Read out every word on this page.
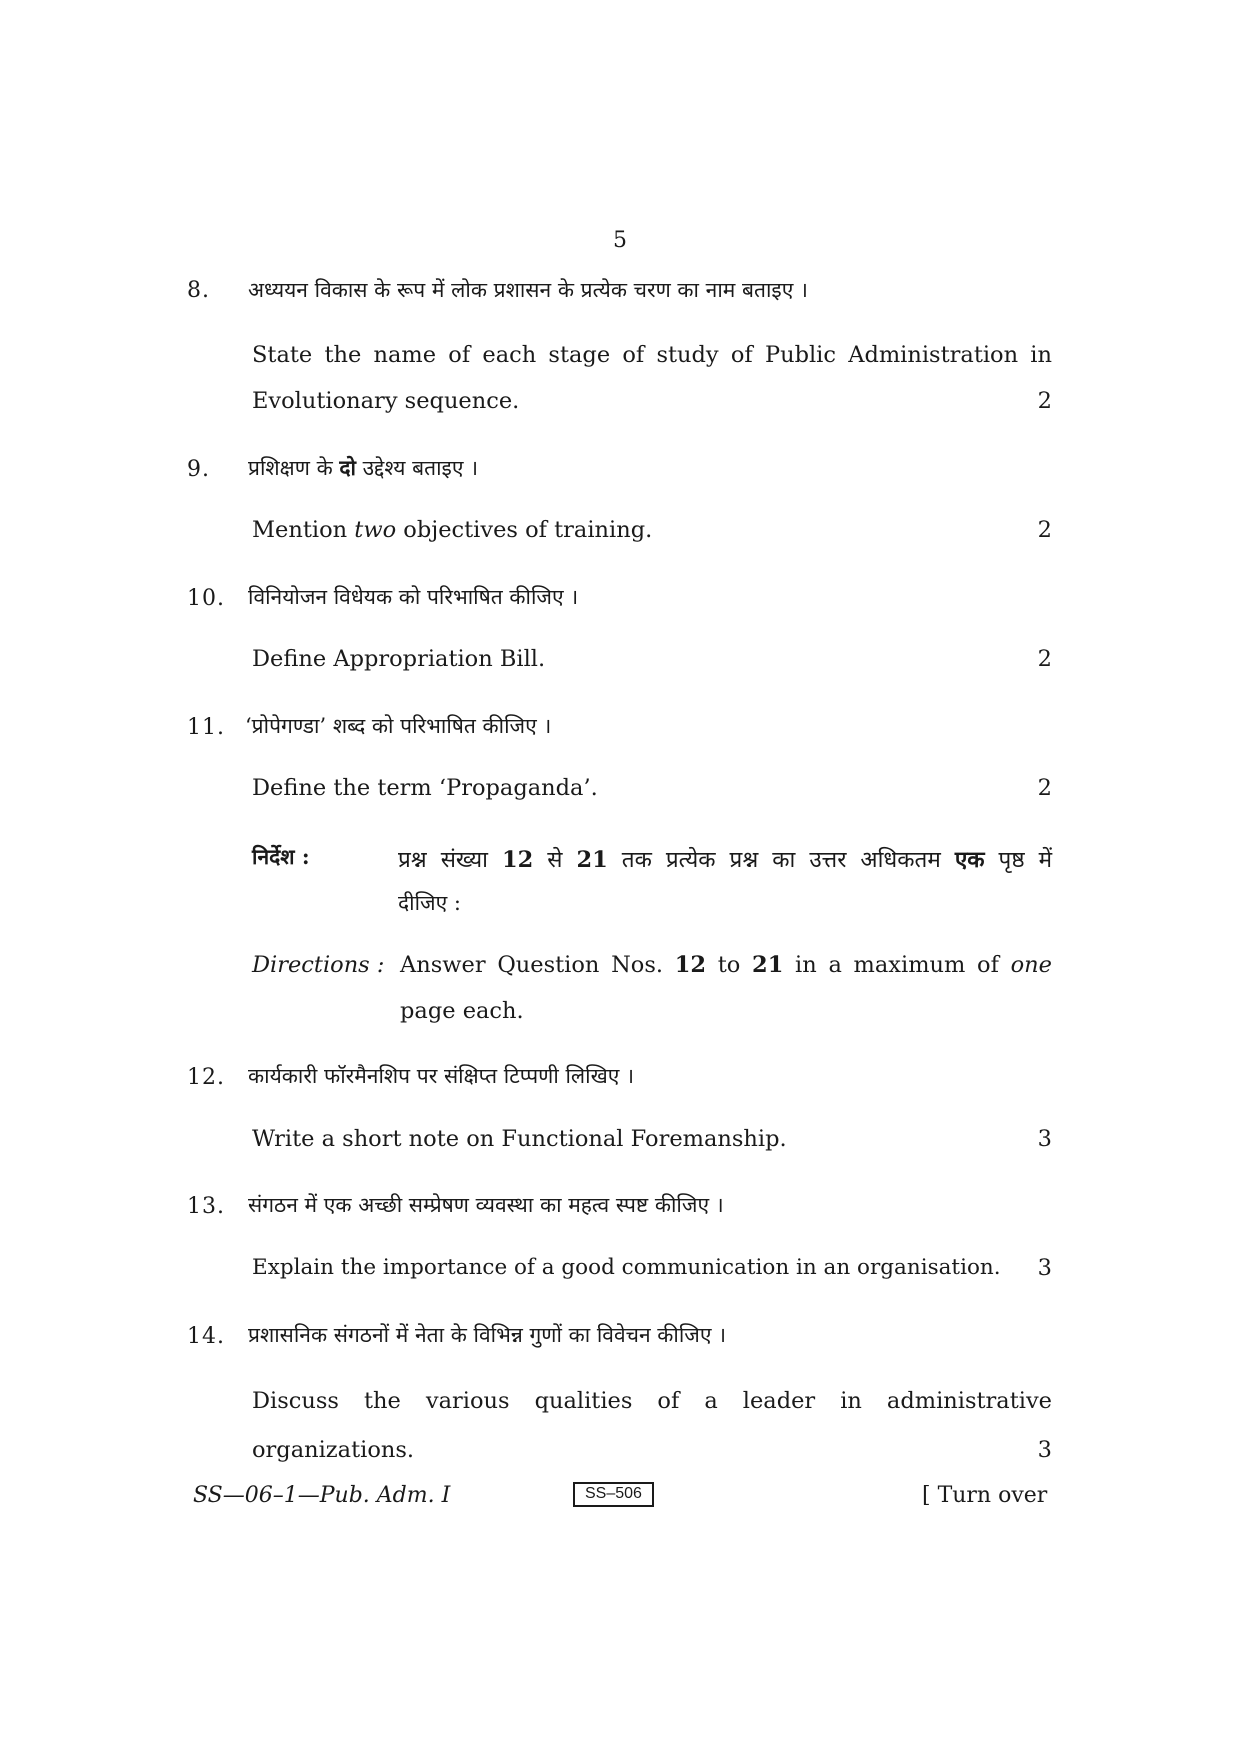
5
8. अध्ययन विकास के रूप में लोक प्रशासन के प्रत्येक चरण का नाम बताइए ।
State the name of each stage of study of Public Administration in
Evolutionary sequence.	2
9. प्रशिक्षण के दो उद्देश्य बताइए ।
Mention two objectives of training.	2
10. विनियोजन विधेयक को परिभाषित कीजिए ।
Define Appropriation Bill.	2
11. ‘प्रोपेगण्डा’ शब्द को परिभाषित कीजिए ।
Define the term ‘Propaganda’.	2
निर्देश :	प्रश्न संख्या 12 से 21 तक प्रत्येक प्रश्न का उत्तर अधिकतम एक पृष्ठ में
दीजिए :
Directions : Answer Question Nos. 12 to 21 in a maximum of one
page each.
12. कार्यकारी फॉरमैनशिप पर संक्षिप्त टिप्पणी लिखिए ।
Write a short note on Functional Foremanship.	3
13. संगठन में एक अच्छी सम्प्रेषण व्यवस्था का महत्व स्पष्ट कीजिए ।
Explain the importance of a good communication in an organisation.	3
14. प्रशासनिक संगठनों में नेता के विभिन्न गुणों का विवेचन कीजिए ।
Discuss the various qualities of a leader in administrative
organizations.	3
SS—06–1—Pub. Adm. I	SS–506	[ Turn over
